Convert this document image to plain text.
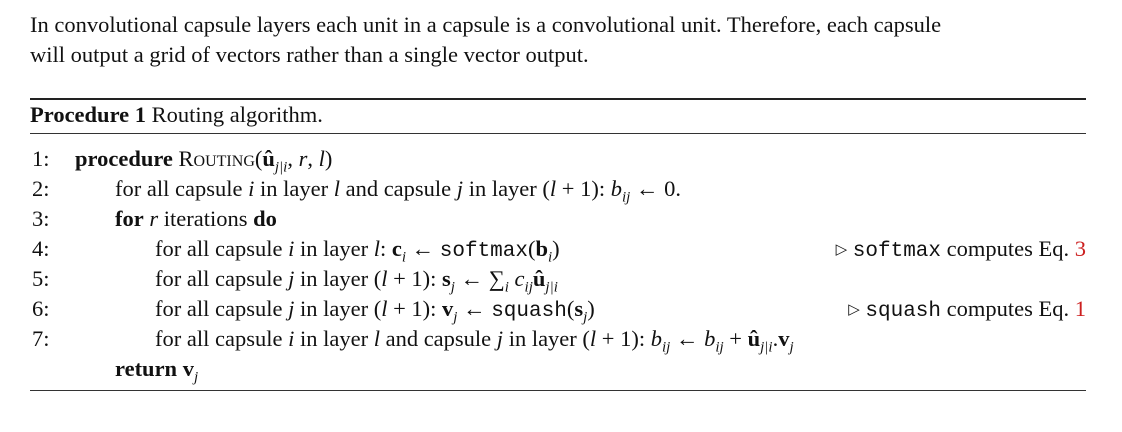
In convolutional capsule layers each unit in a capsule is a convolutional unit. Therefore, each capsule

will output a grid of vectors rather than a single vector output.

Procedure 1 Routing algorithm.
1:	procedure $Routing(û_{j|i}$, r, l)
2:	for all capsule i in layer l and capsule j in layer (l + 1): $b_{ij}$ ← 0.
3:	for r iterations do
4:	for all capsule i in layer l: $c_i$ ← $softmax(b_i)$	▷ softmax computes Eq. 3
5:	for all capsule j in layer (l + 1): $s_j$ ← $\sum_i$ $c_{ij}û_{j|i}$
6:	for all capsule j in layer (l + 1): $v_j$ ← $squash(s_j)$	▷ squash computes Eq. 1
7:	for all capsule i in layer l and capsule j in layer (l + 1): $b_{ij}$ ← $b_{ij}$ + $û_{j|i}.v_j$
return $v_j$
